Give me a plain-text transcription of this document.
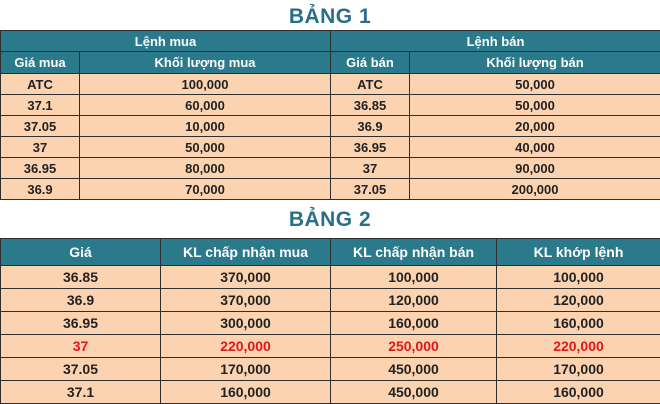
BẢNG 1
Lệnh mua		Lệnh bán	
Giá mua	Khối lượng mua	Giá bán	Khối lượng bán
ATC	100,000	ATC	50,000
37.1	60,000	36.85	50,000
37.05	10,000	36.9	20,000
37	50,000	36.95	40,000
36.95	80,000	37	90,000
36.9	70,000	37.05	200,000
BẢNG 2
Giá	KL chấp nhận mua	KL chấp nhận bán	KL khớp lệnh
36.85	370,000	100,000	100,000
36.9	370,000	120,000	120,000
36.95	300,000	160,000	160,000
37	220,000	250,000	220,000
37.05	170,000	450,000	170,000
37.1	160,000	450,000	160,000
